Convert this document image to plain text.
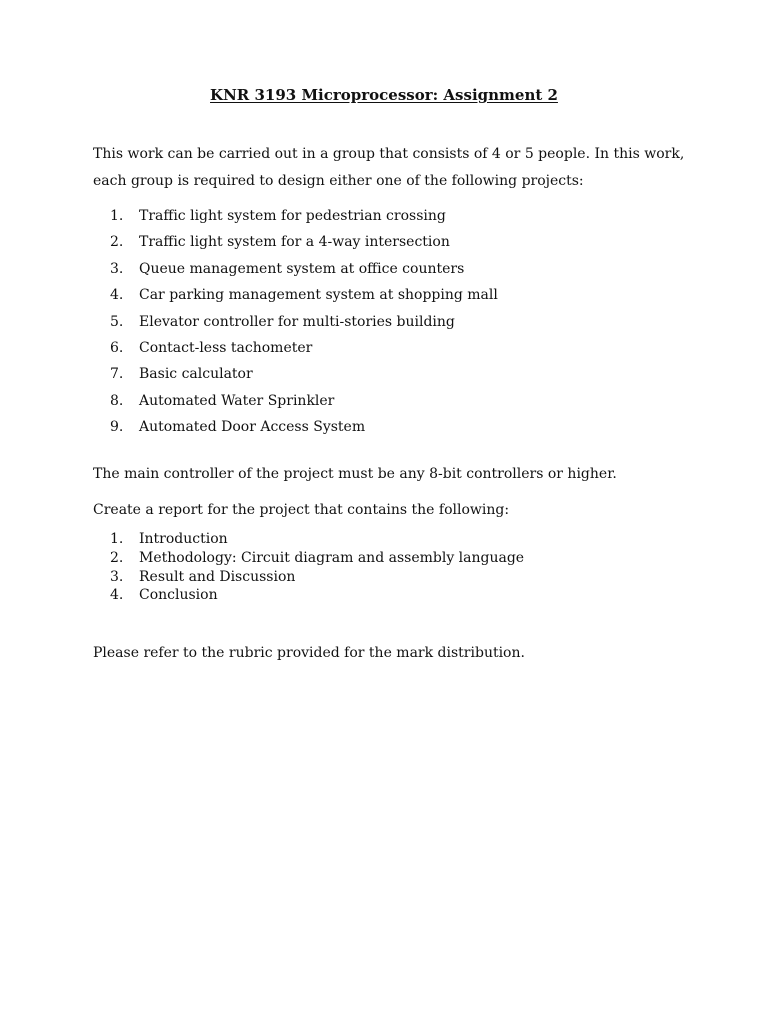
KNR 3193 Microprocessor: Assignment 2

This work can be carried out in a group that consists of 4 or 5 people. In this work, each group is required to design either one of the following projects:

1. Traffic light system for pedestrian crossing
2. Traffic light system for a 4-way intersection
3. Queue management system at office counters
4. Car parking management system at shopping mall
5. Elevator controller for multi-stories building
6. Contact-less tachometer
7. Basic calculator
8. Automated Water Sprinkler
9. Automated Door Access System

The main controller of the project must be any 8-bit controllers or higher.

Create a report for the project that contains the following:

1. Introduction
2. Methodology: Circuit diagram and assembly language
3. Result and Discussion
4. Conclusion

Please refer to the rubric provided for the mark distribution.
